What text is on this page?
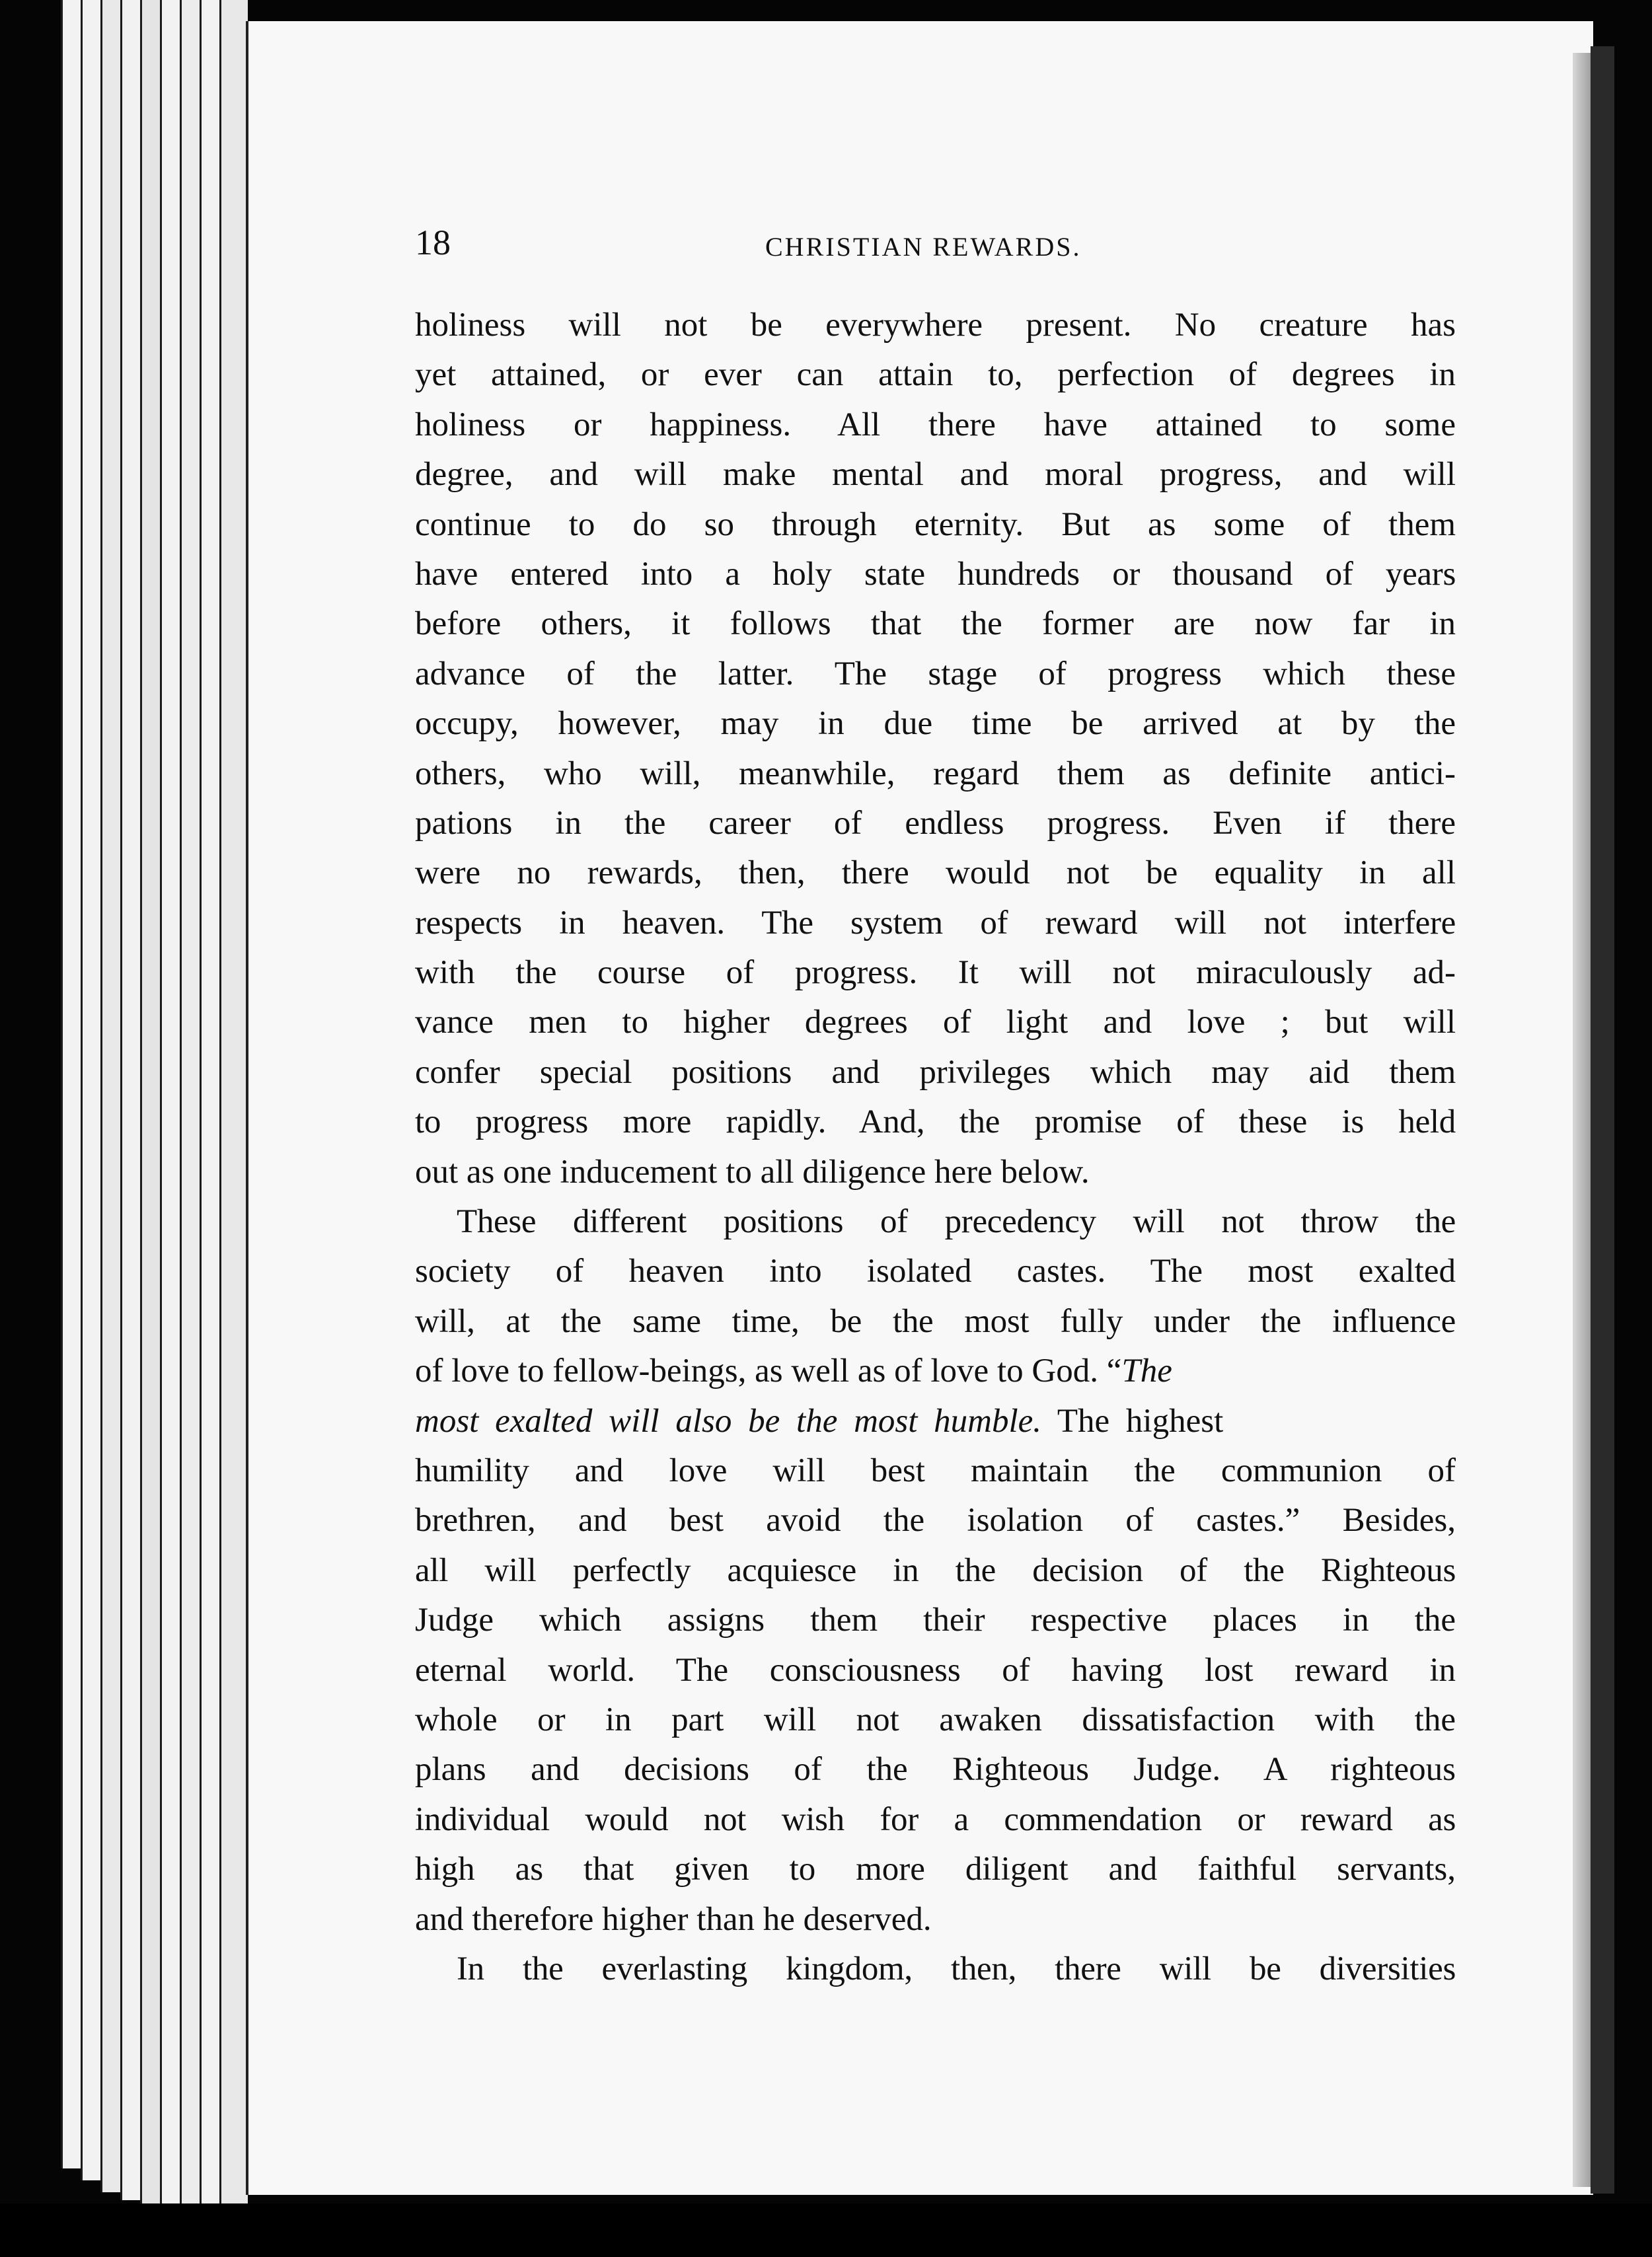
18	CHRISTIAN REWARDS.
holiness will not be everywhere present. No creature has
yet attained, or ever can attain to, perfection of degrees in
holiness or happiness. All there have attained to some
degree, and will make mental and moral progress, and will
continue to do so through eternity. But as some of them
have entered into a holy state hundreds or thousand of years
before others, it follows that the former are now far in
advance of the latter. The stage of progress which these
occupy, however, may in due time be arrived at by the
others, who will, meanwhile, regard them as definite antici-
pations in the career of endless progress. Even if there
were no rewards, then, there would not be equality in all
respects in heaven. The system of reward will not interfere
with the course of progress. It will not miraculously ad-
vance men to higher degrees of light and love ; but will
confer special positions and privileges which may aid them
to progress more rapidly. And, the promise of these is held
out as one inducement to all diligence here below.
These different positions of precedency will not throw the
society of heaven into isolated castes. The most exalted
will, at the same time, be the most fully under the influence
of love to fellow-beings, as well as of love to God. “The
most exalted will also be the most humble. The highest
humility and love will best maintain the communion of
brethren, and best avoid the isolation of castes.” Besides,
all will perfectly acquiesce in the decision of the Righteous
Judge which assigns them their respective places in the
eternal world. The consciousness of having lost reward in
whole or in part will not awaken dissatisfaction with the
plans and decisions of the Righteous Judge. A righteous
individual would not wish for a commendation or reward as
high as that given to more diligent and faithful servants,
and therefore higher than he deserved.
In the everlasting kingdom, then, there will be diversities
